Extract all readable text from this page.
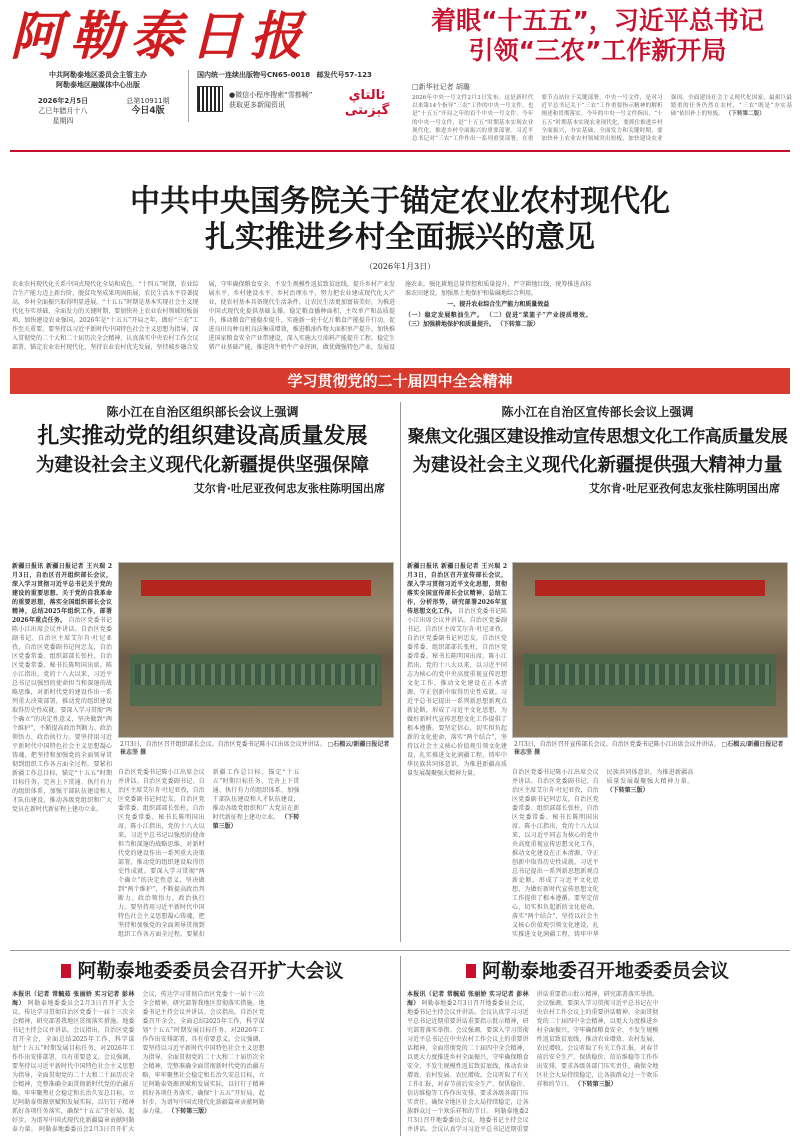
阿勒泰日报	着眼“十五五”，习近平总书记
引领“三农”工作新开局
中共阿勒泰地区委员会主管主办
阿勒泰地区融媒体中心出版
2026年2月5日
乙巳年腊月十八
星期四
总第10911期
今日4版
国内统一连续出版物号CN65-0018 邮发代号57-123
●微信小程序搜索“雪都畅”
获取更多新闻资讯
ئالتاي گېزىتى
□新华社记者 胡璐
2026年中央一号文件2月3日发布。这是新时代以来第14个指导“三农”工作的中央一号文件，也是“十五五”开局之年的首个中央一号文件。今年的中央一号文件，是“十五五”时期基本实现农业现代化、推进乡村全面振兴的重要部署。习近平总书记对“三农”工作作出一系列重要部署，在重要节点站位于关键部署。中央一号文件，是对习近平总书记关于“三农”工作重要指示精神的解析阐述和贯彻落实。今年的中央一号文件指出，“十五五”时期基本实现农业现代化，要抓住推进乡村全面振兴，夯实基础，全面发力和关键时期，要加快补上农业农村领域突出短板，加快建设农业强国。全面建设社会主义现代化国家，最艰巨最繁重的任务仍然在农村，“三农”既是“夯实基础”依旧补上的短板。 （下转第二版）
中共中央国务院关于锚定农业农村现代化
扎实推进乡村全面振兴的意见
（2026年1月3日）
农业农村现代化关系中国式现代化全局和成色。“十四五”时期，农业综合生产能力迈上新台阶，脱贫攻坚成果巩固拓展，农民生活水平显著提高，乡村全面振兴取得明显进展。“十五五”时期是基本实现社会主义现代化夯实基础、全面发力的关键时期，要加快补上农业农村领域短板弱项，加快建设农业强国。2026年是“十五五”开局之年，做好“三农”工作至关重要。要坚持以习近平新时代中国特色社会主义思想为指导，深入贯彻党的二十大和二十届历次全会精神，认真落实中央农村工作会议部署，锚定农业农村现代化，坚持农业农村优先发展，坚持城乡融合发展，守牢确保粮食安全、不发生规模性返贫致贫底线，提升乡村产业发展水平、乡村建设水平、乡村治理水平，努力把农业建成现代化大产业，使农村基本具备现代生活条件，让农民生活更加富裕美好，为推进中国式现代化提供基础支撑。稳定粮食播种面积，主攻单产和品质提升，推动粮食产能稳步提升，实施新一轮千亿斤粮食产能提升行动，促进良田良种良机良法集成增效，推进粮油作物大面积单产提升。加快推进国家粮食安全产业带建设，深入实施大豆油料产能提升工程。稳定生猪产业基础产能，推进肉牛奶牛产业纾困，做优做强特色产业，发展设施农业。强化耕地总量管控和质量提升，严守耕地红线，统筹推进高标准农田建设，加强黑土地保护和盐碱地综合利用。
一、提升农业综合生产能力和质量效益
（一）稳定发展粮油生产。 （二）促进“菜篮子”产业提质增效。 （三）加强耕地保护和质量提升。 （下转第二版）
学习贯彻党的二十届四中全会精神
陈小江在自治区组织部长会议上强调
扎实推动党的组织建设高质量发展
为建设社会主义现代化新疆提供坚强保障
艾尔肯·吐尼亚孜何忠友张柱陈明国出席
新疆日报讯 新疆日报记者 王兴瑞 2月3日，自治区召开组织部长会议，深入学习贯彻习近平总书记关于党的建设的重要思想、关于党的自我革命的重要思想，落实全国组织部长会议精神，总结2025年组织工作，部署2026年重点任务。 自治区党委书记陈小江出席会议并讲话。自治区党委副书记、自治区主席艾尔肯·吐尼亚孜，自治区党委副书记何忠友，自治区党委常委、组织部部长张柱，自治区党委常委、秘书长陈明国出席。陈小江指出，党的十八大以来，习近平总书记以强烈的使命担当和深邃的战略思维，对新时代党的建设作出一系列重大决策部署，推动党的组织建设取得历史性成就。要深入学习贯彻“两个确立”的决定性意义，坚决做到“两个维护”，不断提高政治判断力、政治领悟力、政治执行力。要坚持用习近平新时代中国特色社会主义思想凝心铸魂，把坚持和加强党的全面领导贯彻到组织工作各方面全过程。要紧扣新疆工作总目标，锚定“十五五”时期目标任务，完善上下贯通、执行有力的组织体系，加强干部队伍建设和人才队伍建设，推动各级党组织和广大党员在新时代新征程上建功立业。
2月3日，自治区召开组织部长会议。自治区党委书记陈小江出席会议并讲话。 □石榴云/新疆日报记者 崔志坚 摄
自治区党委书记陈小江出席会议并讲话。自治区党委副书记、自治区主席艾尔肯·吐尼亚孜，自治区党委副书记何忠友，自治区党委常委、组织部部长张柱，自治区党委常委、秘书长陈明国出席。陈小江指出，党的十八大以来，习近平总书记以强烈的使命担当和深邃的战略思维，对新时代党的建设作出一系列重大决策部署，推动党的组织建设取得历史性成就。要深入学习贯彻“两个确立”的决定性意义，坚决做到“两个维护”，不断提高政治判断力、政治领悟力、政治执行力。要坚持用习近平新时代中国特色社会主义思想凝心铸魂，把坚持和加强党的全面领导贯彻到组织工作各方面全过程。要紧扣新疆工作总目标，锚定“十五五”时期目标任务，完善上下贯通、执行有力的组织体系，加强干部队伍建设和人才队伍建设，推动各级党组织和广大党员在新时代新征程上建功立业。 （下转第三版）
陈小江在自治区宣传部长会议上强调
聚焦文化强区建设推动宣传思想文化工作高质量发展
为建设社会主义现代化新疆提供强大精神力量
艾尔肯·吐尼亚孜何忠友张柱陈明国出席
新疆日报讯 新疆日报记者 王兴瑞 2月3日，自治区召开宣传部长会议，深入学习贯彻习近平文化思想，贯彻落实全国宣传部长会议精神，总结工作，分析形势，研究部署2026年宣传思想文化工作。 自治区党委书记陈小江出席会议并讲话。自治区党委副书记、自治区主席艾尔肯·吐尼亚孜，自治区党委副书记何忠友，自治区党委常委、组织部部长张柱，自治区党委常委、秘书长陈明国出席。陈小江指出，党的十八大以来，以习近平同志为核心的党中央高度重视宣传思想文化工作，推动文化建设在正本清源、守正创新中取得历史性成就。习近平总书记提出一系列新思想新观点新论断，形成了习近平文化思想，为做好新时代宣传思想文化工作提供了根本遵循。要坚定信心，切实担负起新的文化使命，落实“两个结合”，坚持以社会主义核心价值观引领文化建设，扎实推进文化润疆工程，铸牢中华民族共同体意识，为推进新疆高质量发展凝聚强大精神力量。
2月3日，自治区召开宣传部长会议。自治区党委书记陈小江出席会议并讲话。 □石榴云/新疆日报记者 崔志坚 摄
自治区党委书记陈小江出席会议并讲话。自治区党委副书记、自治区主席艾尔肯·吐尼亚孜，自治区党委副书记何忠友，自治区党委常委、组织部部长张柱，自治区党委常委、秘书长陈明国出席。陈小江指出，党的十八大以来，以习近平同志为核心的党中央高度重视宣传思想文化工作，推动文化建设在正本清源、守正创新中取得历史性成就。习近平总书记提出一系列新思想新观点新论断，形成了习近平文化思想，为做好新时代宣传思想文化工作提供了根本遵循。要坚定信心，切实担负起新的文化使命，落实“两个结合”，坚持以社会主义核心价值观引领文化建设，扎实推进文化润疆工程，铸牢中华民族共同体意识，为推进新疆高质量发展凝聚强大精神力量。 （下转第三版）
阿勒泰地委委员会召开扩大会议
本报讯（记者 常毓茹 张丽娇 实习记者 彭林海） 阿勒泰地委委员会2月3日召开扩大会议，传达学习贯彻自治区党委十一届十三次全会精神，研究部署我地区贯彻落实措施。地委书记主持会议并讲话。会议指出，自治区党委召开全会，全面总结2025年工作，科学谋划“十五五”时期发展目标任务，对2026年工作作出安排部署，具有重要意义。会议强调，要坚持以习近平新时代中国特色社会主义思想为指导，全面贯彻党的二十大和二十届历次全会精神，完整准确全面贯彻新时代党的治疆方略，牢牢聚焦社会稳定和长治久安总目标，立足阿勒泰资源禀赋和发展实际，以钉钉子精神抓好各项任务落实，确保“十五五”开好局、起好步，为谱写中国式现代化新疆篇章贡献阿勒泰力量。 阿勒泰地委委员会2月3日召开扩大会议，传达学习贯彻自治区党委十一届十三次全会精神，研究部署我地区贯彻落实措施。地委书记主持会议并讲话。会议指出，自治区党委召开全会，全面总结2025年工作，科学谋划“十五五”时期发展目标任务，对2026年工作作出安排部署，具有重要意义。会议强调，要坚持以习近平新时代中国特色社会主义思想为指导，全面贯彻党的二十大和二十届历次全会精神，完整准确全面贯彻新时代党的治疆方略，牢牢聚焦社会稳定和长治久安总目标，立足阿勒泰资源禀赋和发展实际，以钉钉子精神抓好各项任务落实，确保“十五五”开好局、起好步，为谱写中国式现代化新疆篇章贡献阿勒泰力量。 （下转第三版）
阿勒泰地委召开地委委员会议
本报讯（记者 常毓茹 张丽娇 实习记者 彭林海） 阿勒泰地委2月3日召开地委委员会议，地委书记主持会议并讲话。会议认真学习习近平总书记近期重要讲话重要指示批示精神，研究部署落实举措。会议强调，要深入学习贯彻习近平总书记在中央农村工作会议上的重要讲话精神，全面贯彻党的二十届四中全会精神，以更大力度推进乡村全面振兴，守牢确保粮食安全、不发生规模性返贫致贫底线，推动农业增效、农村发展、农民增收。会议听取了有关工作汇报，对春节前后安全生产、保供稳价、信访维稳等工作作出安排，要求各级各部门压实责任，确保全地区社会大局持续稳定，让各族群众过一个欢乐祥和的节日。 阿勒泰地委2月3日召开地委委员会议，地委书记主持会议并讲话。会议认真学习习近平总书记近期重要讲话重要指示批示精神，研究部署落实举措。会议强调，要深入学习贯彻习近平总书记在中央农村工作会议上的重要讲话精神，全面贯彻党的二十届四中全会精神，以更大力度推进乡村全面振兴，守牢确保粮食安全、不发生规模性返贫致贫底线，推动农业增效、农村发展、农民增收。会议听取了有关工作汇报，对春节前后安全生产、保供稳价、信访维稳等工作作出安排，要求各级各部门压实责任，确保全地区社会大局持续稳定，让各族群众过一个欢乐祥和的节日。 （下转第三版）
